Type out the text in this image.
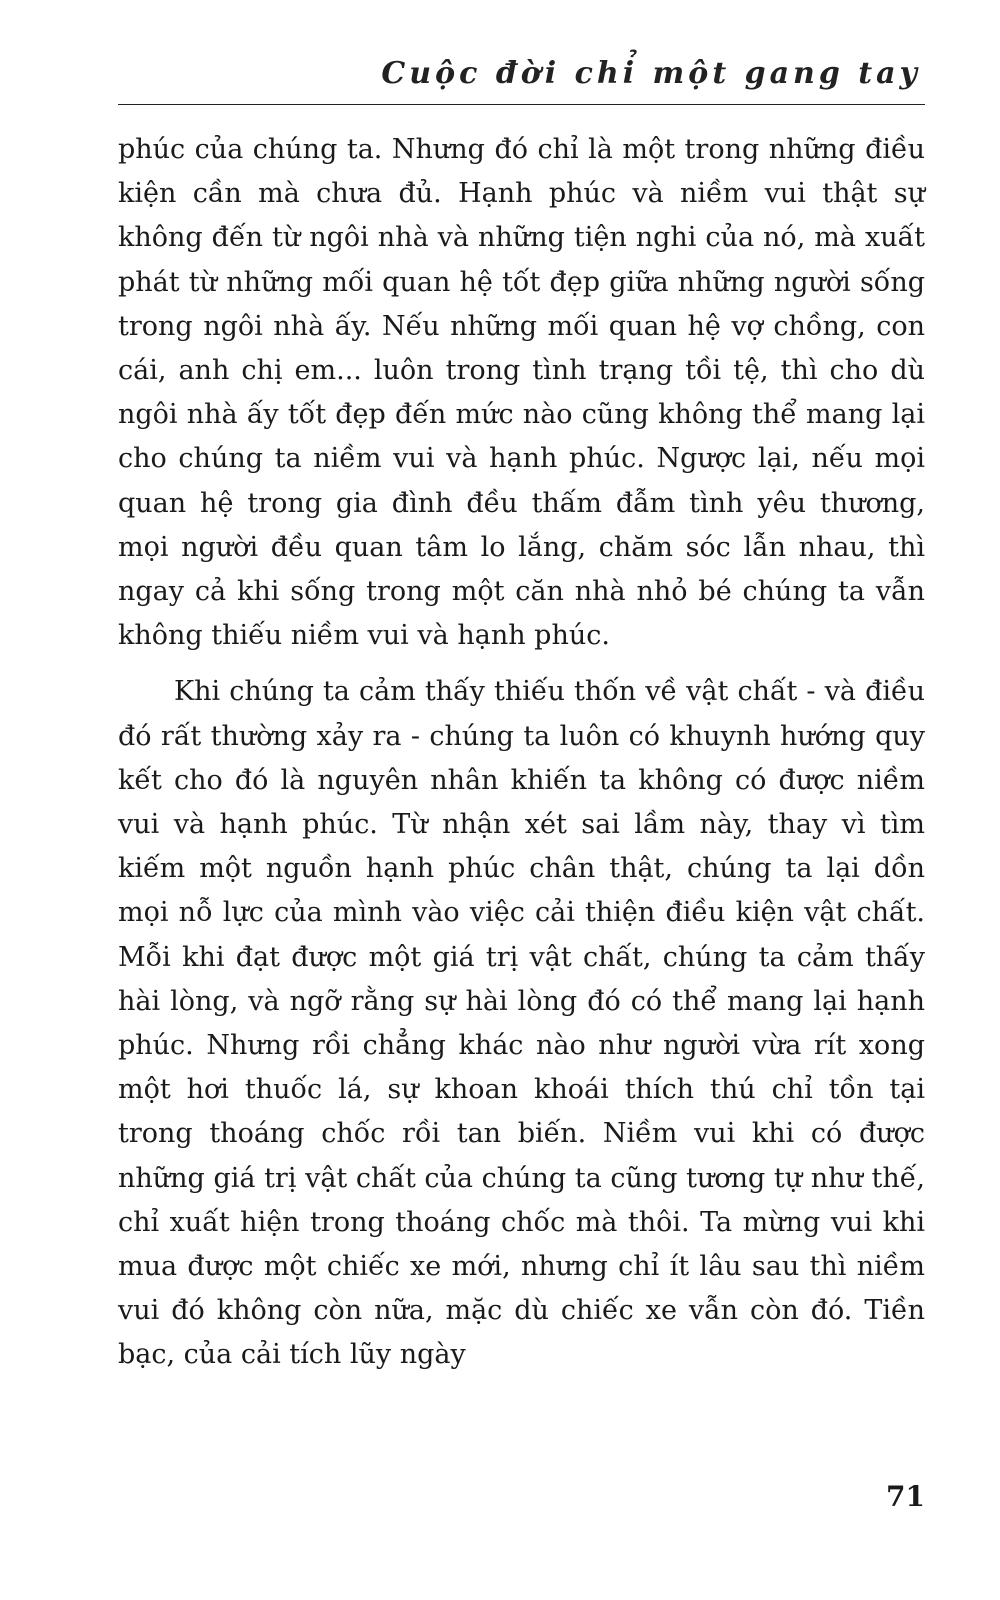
Cuộc đời chỉ một gang tay

phúc của chúng ta. Nhưng đó chỉ là một trong những điều kiện cần mà chưa đủ. Hạnh phúc và niềm vui thật sự không đến từ ngôi nhà và những tiện nghi của nó, mà xuất phát từ những mối quan hệ tốt đẹp giữa những người sống trong ngôi nhà ấy. Nếu những mối quan hệ vợ chồng, con cái, anh chị em... luôn trong tình trạng tồi tệ, thì cho dù ngôi nhà ấy tốt đẹp đến mức nào cũng không thể mang lại cho chúng ta niềm vui và hạnh phúc. Ngược lại, nếu mọi quan hệ trong gia đình đều thấm đẫm tình yêu thương, mọi người đều quan tâm lo lắng, chăm sóc lẫn nhau, thì ngay cả khi sống trong một căn nhà nhỏ bé chúng ta vẫn không thiếu niềm vui và hạnh phúc.

Khi chúng ta cảm thấy thiếu thốn về vật chất - và điều đó rất thường xảy ra - chúng ta luôn có khuynh hướng quy kết cho đó là nguyên nhân khiến ta không có được niềm vui và hạnh phúc. Từ nhận xét sai lầm này, thay vì tìm kiếm một nguồn hạnh phúc chân thật, chúng ta lại dồn mọi nỗ lực của mình vào việc cải thiện điều kiện vật chất. Mỗi khi đạt được một giá trị vật chất, chúng ta cảm thấy hài lòng, và ngỡ rằng sự hài lòng đó có thể mang lại hạnh phúc. Nhưng rồi chẳng khác nào như người vừa rít xong một hơi thuốc lá, sự khoan khoái thích thú chỉ tồn tại trong thoáng chốc rồi tan biến. Niềm vui khi có được những giá trị vật chất của chúng ta cũng tương tự như thế, chỉ xuất hiện trong thoáng chốc mà thôi. Ta mừng vui khi mua được một chiếc xe mới, nhưng chỉ ít lâu sau thì niềm vui đó không còn nữa, mặc dù chiếc xe vẫn còn đó. Tiền bạc, của cải tích lũy ngày

71
